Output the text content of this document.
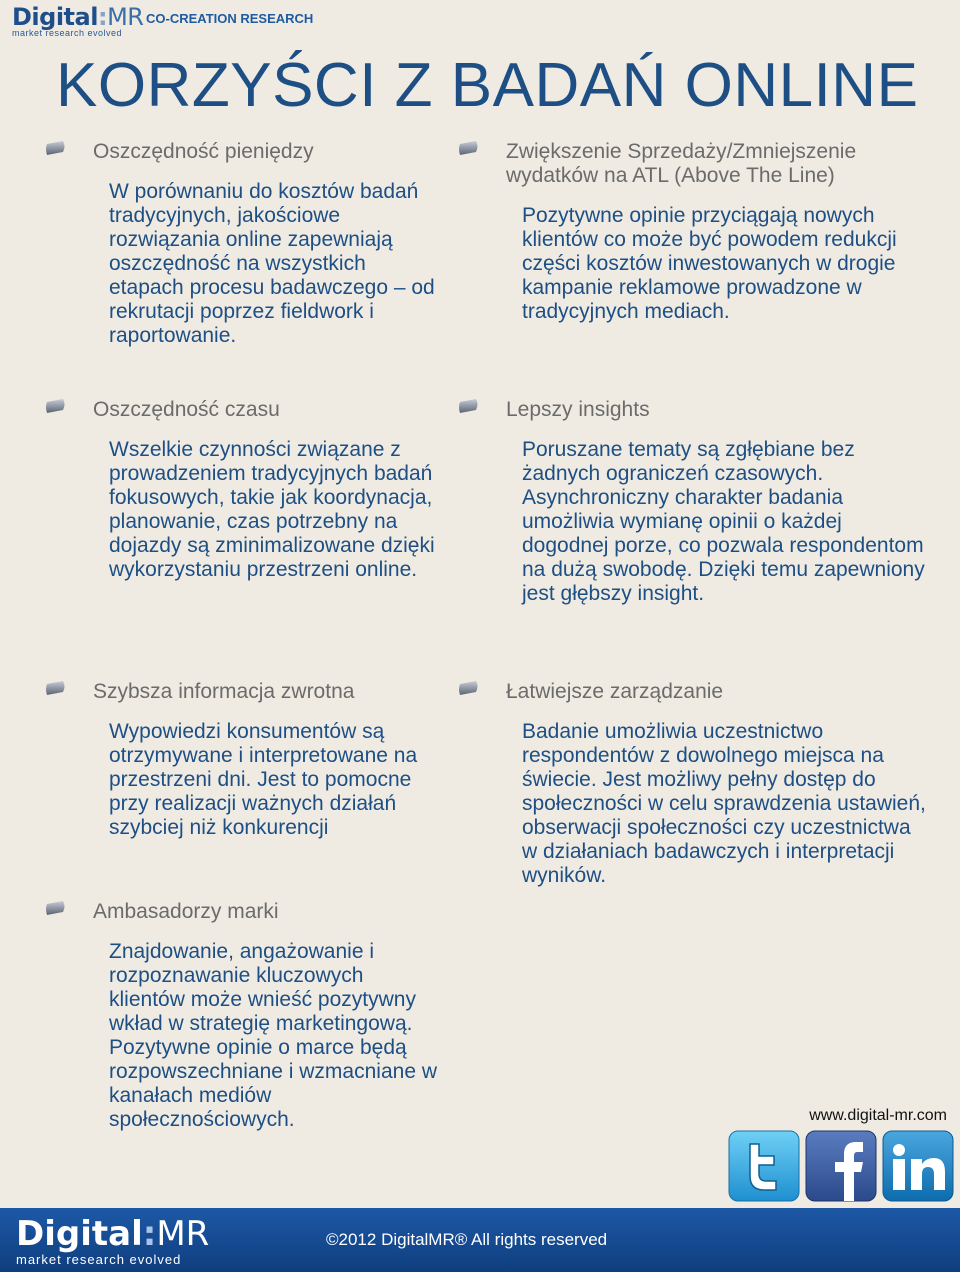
Digital:MR
market research evolved
CO-CREATION RESEARCH
KORZYŚCI Z BADAŃ ONLINE

Oszczędność pieniędzy

W porównaniu do kosztów badań tradycyjnych, jakościowe rozwiązania online zapewniają oszczędność na wszystkich etapach procesu badawczego – od rekrutacji poprzez fieldwork i raportowanie.

Zwiększenie Sprzedaży/Zmniejszenie wydatków na ATL (Above The Line)

Pozytywne opinie przyciągają nowych klientów co może być powodem redukcji części kosztów inwestowanych w drogie kampanie reklamowe prowadzone w tradycyjnych mediach.

Oszczędność czasu

Wszelkie czynności związane z prowadzeniem tradycyjnych badań fokusowych, takie jak koordynacja, planowanie, czas potrzebny na dojazdy są zminimalizowane dzięki wykorzystaniu przestrzeni online.

Lepszy insights

Poruszane tematy są zgłębiane bez żadnych ograniczeń czasowych. Asynchroniczny charakter badania umożliwia wymianę opinii o każdej dogodnej porze, co pozwala respondentom na dużą swobodę. Dzięki temu zapewniony jest głębszy insight.

Szybsza informacja zwrotna

Wypowiedzi konsumentów są otrzymywane i interpretowane na przestrzeni dni. Jest to pomocne przy realizacji ważnych działań szybciej niż konkurencji

Łatwiejsze zarządzanie

Badanie umożliwia uczestnictwo respondentów z dowolnego miejsca na świecie. Jest możliwy pełny dostęp do społeczności w celu sprawdzenia ustawień, obserwacji społeczności czy uczestnictwa w działaniach badawczych i interpretacji wyników.

Ambasadorzy marki

Znajdowanie, angażowanie i rozpoznawanie kluczowych klientów może wnieść pozytywny wkład w strategię marketingową. Pozytywne opinie o marce będą rozpowszechniane i wzmacniane w kanałach mediów społecznościowych.	www.digital-mr.com
Digital:MR
market research evolved
©2012 DigitalMR® All rights reserved
